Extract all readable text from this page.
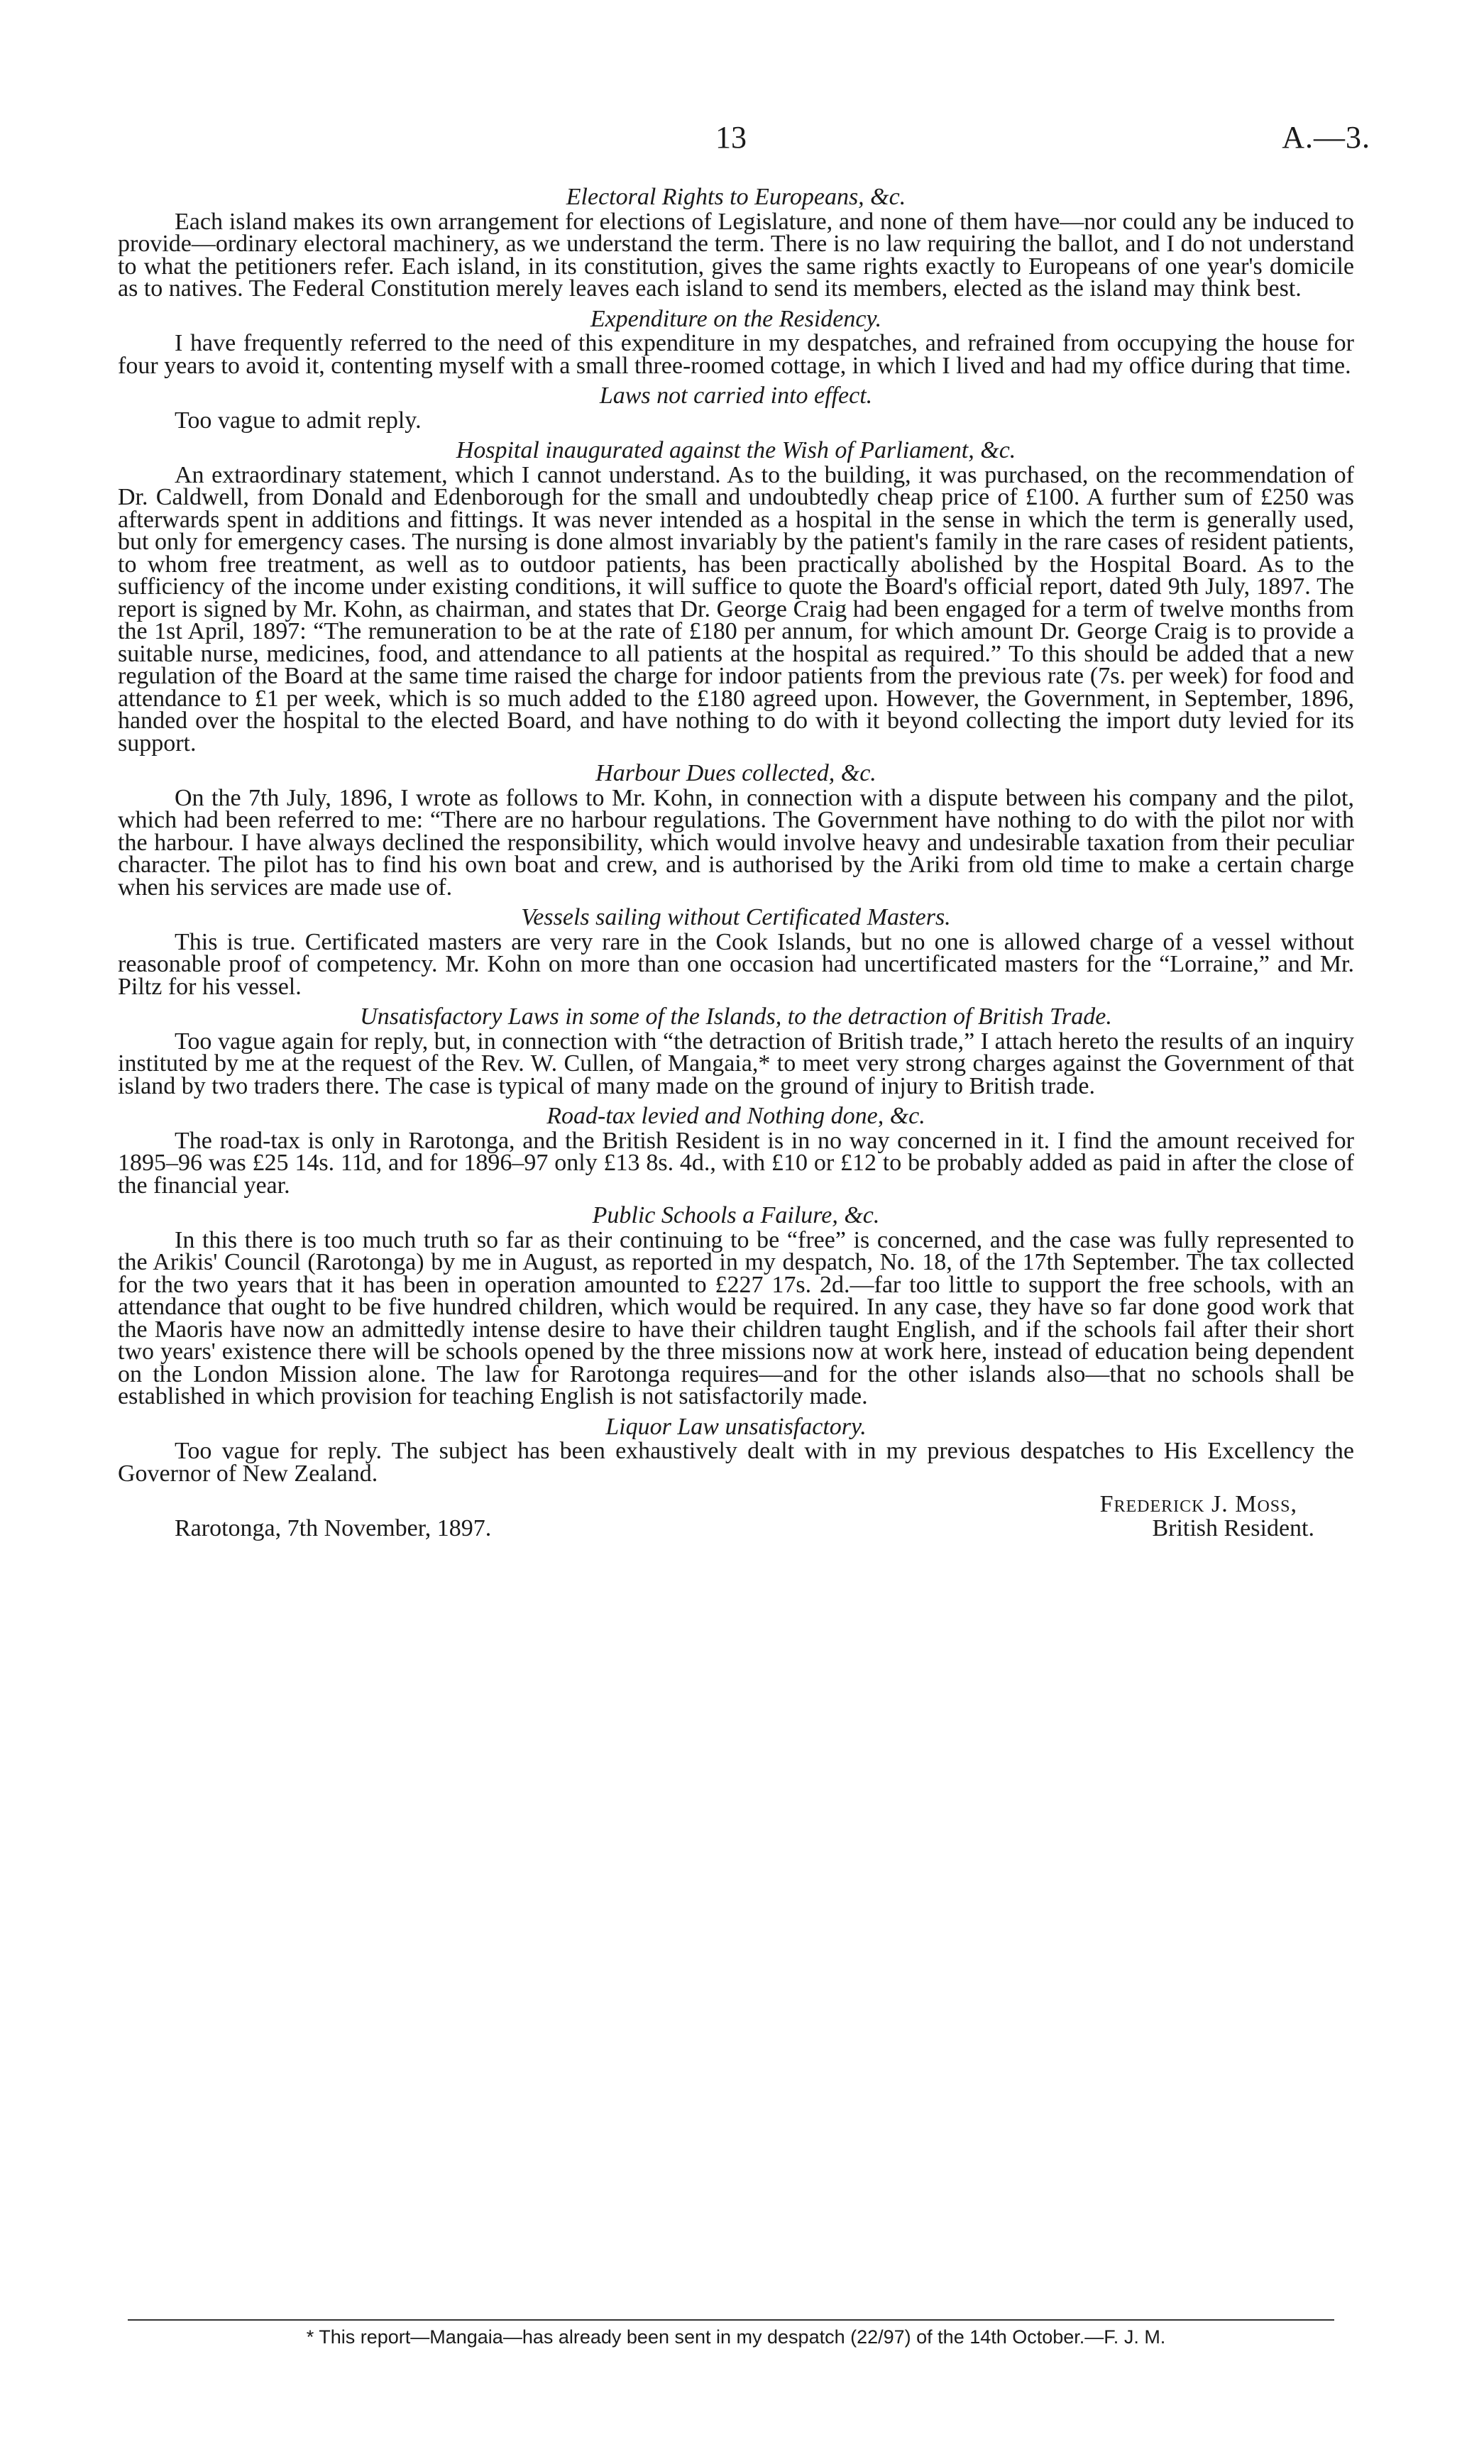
13	A.—3.
Electoral Rights to Europeans, &c.

Each island makes its own arrangement for elections of Legislature, and none of them have—nor could any be induced to provide—ordinary electoral machinery, as we understand the term. There is no law requiring the ballot, and I do not understand to what the petitioners refer. Each island, in its constitution, gives the same rights exactly to Europeans of one year's domicile as to natives. The Federal Constitution merely leaves each island to send its members, elected as the island may think best.

Expenditure on the Residency.

I have frequently referred to the need of this expenditure in my despatches, and refrained from occupying the house for four years to avoid it, contenting myself with a small three-roomed cottage, in which I lived and had my office during that time.

Laws not carried into effect.

Too vague to admit reply.

Hospital inaugurated against the Wish of Parliament, &c.

An extraordinary statement, which I cannot understand. As to the building, it was purchased, on the recommendation of Dr. Caldwell, from Donald and Edenborough for the small and undoubtedly cheap price of £100. A further sum of £250 was afterwards spent in additions and fittings. It was never intended as a hospital in the sense in which the term is generally used, but only for emergency cases. The nursing is done almost invariably by the patient's family in the rare cases of resident patients, to whom free treatment, as well as to outdoor patients, has been practically abolished by the Hospital Board. As to the sufficiency of the income under existing conditions, it will suffice to quote the Board's official report, dated 9th July, 1897. The report is signed by Mr. Kohn, as chairman, and states that Dr. George Craig had been engaged for a term of twelve months from the 1st April, 1897: “The remuneration to be at the rate of £180 per annum, for which amount Dr. George Craig is to provide a suitable nurse, medicines, food, and attendance to all patients at the hospital as required.” To this should be added that a new regulation of the Board at the same time raised the charge for indoor patients from the previous rate (7s. per week) for food and attendance to £1 per week, which is so much added to the £180 agreed upon. However, the Government, in September, 1896, handed over the hospital to the elected Board, and have nothing to do with it beyond collecting the import duty levied for its support.

Harbour Dues collected, &c.

On the 7th July, 1896, I wrote as follows to Mr. Kohn, in connection with a dispute between his company and the pilot, which had been referred to me: “There are no harbour regulations. The Government have nothing to do with the pilot nor with the harbour. I have always declined the responsibility, which would involve heavy and undesirable taxation from their peculiar character. The pilot has to find his own boat and crew, and is authorised by the Ariki from old time to make a certain charge when his services are made use of.

Vessels sailing without Certificated Masters.

This is true. Certificated masters are very rare in the Cook Islands, but no one is allowed charge of a vessel without reasonable proof of competency. Mr. Kohn on more than one occasion had uncertificated masters for the “Lorraine,” and Mr. Piltz for his vessel.

Unsatisfactory Laws in some of the Islands, to the detraction of British Trade.

Too vague again for reply, but, in connection with “the detraction of British trade,” I attach hereto the results of an inquiry instituted by me at the request of the Rev. W. Cullen, of Mangaia,* to meet very strong charges against the Government of that island by two traders there. The case is typical of many made on the ground of injury to British trade.

Road-tax levied and Nothing done, &c.

The road-tax is only in Rarotonga, and the British Resident is in no way concerned in it. I find the amount received for 1895–96 was £25 14s. 11d, and for 1896–97 only £13 8s. 4d., with £10 or £12 to be probably added as paid in after the close of the financial year.

Public Schools a Failure, &c.

In this there is too much truth so far as their continuing to be “free” is concerned, and the case was fully represented to the Arikis' Council (Rarotonga) by me in August, as reported in my despatch, No. 18, of the 17th September. The tax collected for the two years that it has been in operation amounted to £227 17s. 2d.—far too little to support the free schools, with an attendance that ought to be five hundred children, which would be required. In any case, they have so far done good work that the Maoris have now an admittedly intense desire to have their children taught English, and if the schools fail after their short two years' existence there will be schools opened by the three missions now at work here, instead of education being dependent on the London Mission alone. The law for Rarotonga requires—and for the other islands also—that no schools shall be established in which provision for teaching English is not satisfactorily made.

Liquor Law unsatisfactory.

Too vague for reply. The subject has been exhaustively dealt with in my previous despatches to His Excellency the Governor of New Zealand.

Frederick J. Moss,
Rarotonga, 7th November, 1897.	British Resident.
* This report—Mangaia—has already been sent in my despatch (22/97) of the 14th October.—F. J. M.
